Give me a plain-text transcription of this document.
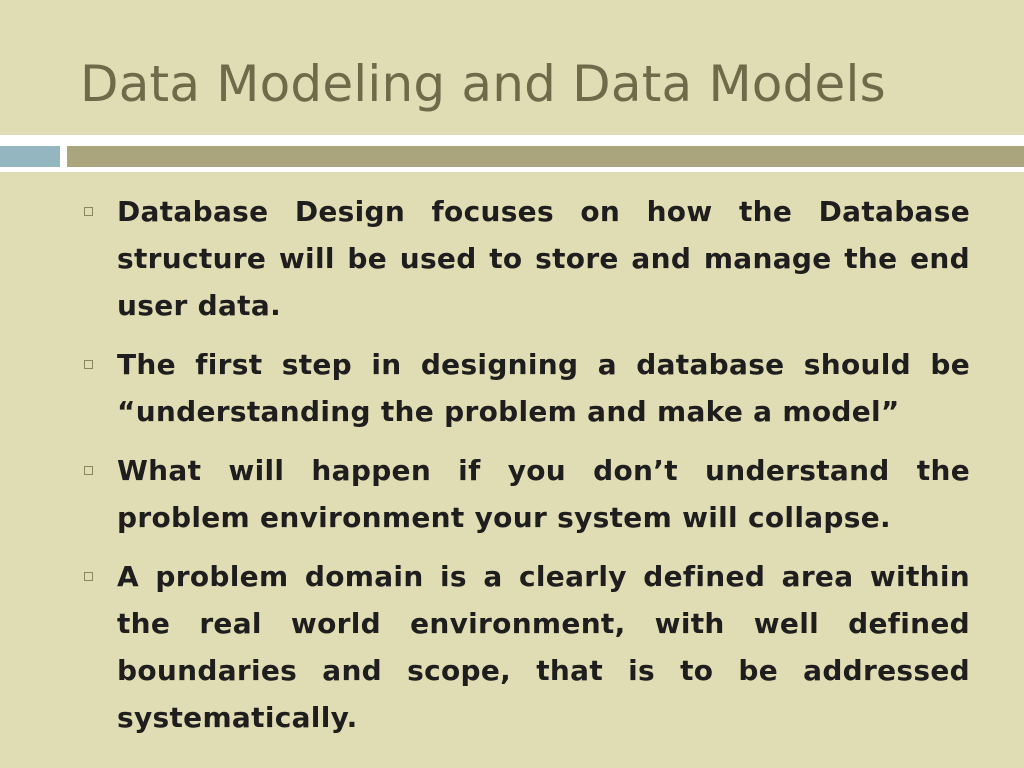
Data Modeling and Data Models
Database Design focuses on how the Database structure will be used to store and manage the end user data.
The first step in designing a database should be “understanding the problem and make a model”
What will happen if you don’t understand the problem environment your system will collapse.
A problem domain is a clearly defined area within the real world environment, with well defined boundaries and scope, that is to be addressed systematically.
